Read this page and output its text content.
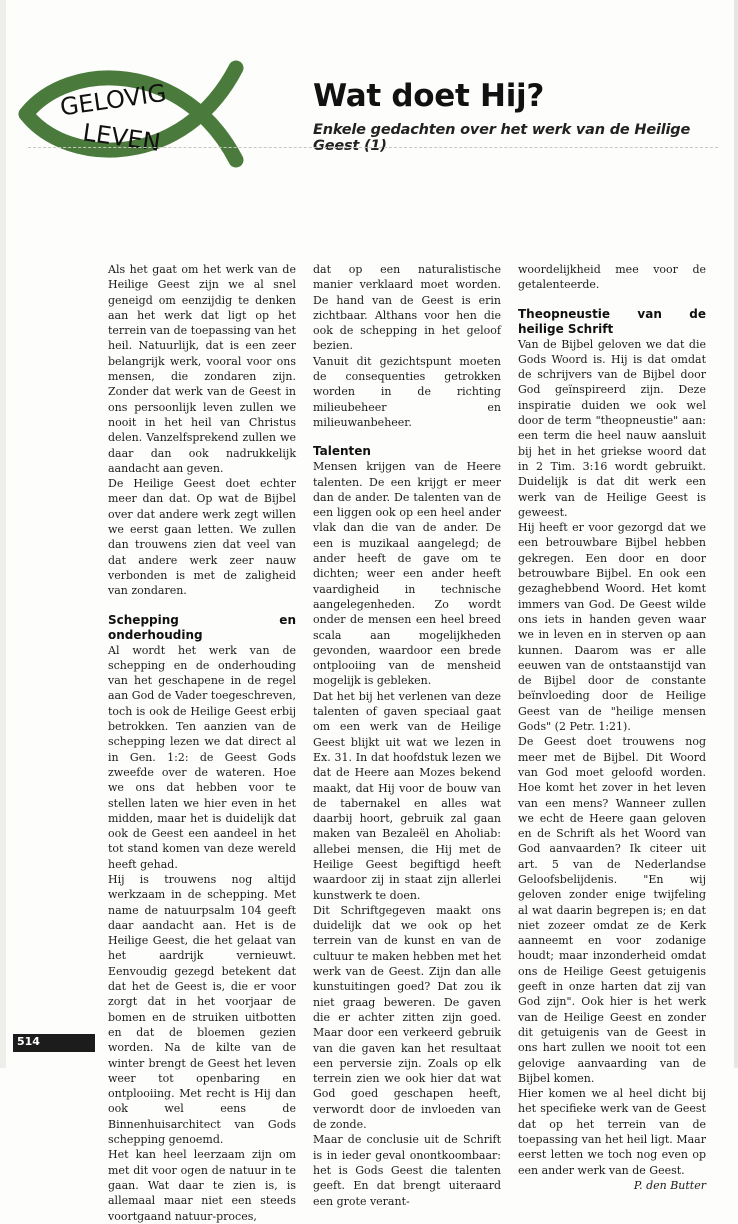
GELOVIG
LEVEN
Wat doet Hij?

Enkele gedachten over het werk van de Heilige Geest (1)

Als het gaat om het werk van de Heilige Geest zijn we al snel geneigd om eenzijdig te denken aan het werk dat ligt op het terrein van de toepassing van het heil. Natuurlijk, dat is een zeer belangrijk werk, vooral voor ons mensen, die zondaren zijn. Zonder dat werk van de Geest in ons persoonlijk leven zullen we nooit in het heil van Christus delen. Vanzelfsprekend zullen we daar dan ook nadrukkelijk aandacht aan geven.

De Heilige Geest doet echter meer dan dat. Op wat de Bijbel over dat andere werk zegt willen we eerst gaan letten. We zullen dan trouwens zien dat veel van dat andere werk zeer nauw verbonden is met de zaligheid van zondaren.

Schepping en onderhouding

Al wordt het werk van de schepping en de onderhouding van het geschapene in de regel aan God de Vader toegeschreven, toch is ook de Heilige Geest erbij betrokken. Ten aanzien van de schepping lezen we dat direct al in Gen. 1:2: de Geest Gods zweefde over de wateren. Hoe we ons dat hebben voor te stellen laten we hier even in het midden, maar het is duidelijk dat ook de Geest een aandeel in het tot stand komen van deze wereld heeft gehad.

Hij is trouwens nog altijd werkzaam in de schepping. Met name de natuurpsalm 104 geeft daar aandacht aan. Het is de Heilige Geest, die het gelaat van het aardrijk vernieuwt. Eenvoudig gezegd betekent dat dat het de Geest is, die er voor zorgt dat in het voorjaar de bomen en de struiken uitbotten en dat de bloemen gezien worden. Na de kilte van de winter brengt de Geest het leven weer tot openbaring en ontplooiing. Met recht is Hij dan ook wel eens de Binnenhuisarchitect van Gods schepping genoemd.

Het kan heel leerzaam zijn om met dit voor ogen de natuur in te gaan. Wat daar te zien is, is allemaal maar niet een steeds voortgaand natuur-proces,

dat op een naturalistische manier verklaard moet worden. De hand van de Geest is erin zichtbaar. Althans voor hen die ook de schepping in het geloof bezien.

Vanuit dit gezichtspunt moeten de consequenties getrokken worden in de richting milieubeheer en milieuwanbeheer.

Talenten

Mensen krijgen van de Heere talenten. De een krijgt er meer dan de ander. De talenten van de een liggen ook op een heel ander vlak dan die van de ander. De een is muzikaal aangelegd; de ander heeft de gave om te dichten; weer een ander heeft vaardigheid in technische aangelegenheden. Zo wordt onder de mensen een heel breed scala aan mogelijkheden gevonden, waardoor een brede ontplooiing van de mensheid mogelijk is gebleken.

Dat het bij het verlenen van deze talenten of gaven speciaal gaat om een werk van de Heilige Geest blijkt uit wat we lezen in Ex. 31. In dat hoofdstuk lezen we dat de Heere aan Mozes bekend maakt, dat Hij voor de bouw van de tabernakel en alles wat daarbij hoort, gebruik zal gaan maken van Bezaleël en Aholiab: allebei mensen, die Hij met de Heilige Geest begiftigd heeft waardoor zij in staat zijn allerlei kunstwerk te doen.

Dit Schriftgegeven maakt ons duidelijk dat we ook op het terrein van de kunst en van de cultuur te maken hebben met het werk van de Geest. Zijn dan alle kunstuitingen goed? Dat zou ik niet graag beweren. De gaven die er achter zitten zijn goed. Maar door een verkeerd gebruik van die gaven kan het resultaat een perversie zijn. Zoals op elk terrein zien we ook hier dat wat God goed geschapen heeft, verwordt door de invloeden van de zonde.

Maar de conclusie uit de Schrift is in ieder geval onontkoombaar: het is Gods Geest die talenten geeft. En dat brengt uiteraard een grote verant-

woordelijkheid mee voor de getalenteerde.

Theopneustie van de heilige Schrift

Van de Bijbel geloven we dat die Gods Woord is. Hij is dat omdat de schrijvers van de Bijbel door God geïnspireerd zijn. Deze inspiratie duiden we ook wel door de term "theopneustie" aan: een term die heel nauw aansluit bij het in het griekse woord dat in 2 Tim. 3:16 wordt gebruikt. Duidelijk is dat dit werk een werk van de Heilige Geest is geweest.

Hij heeft er voor gezorgd dat we een betrouwbare Bijbel hebben gekregen. Een door en door betrouwbare Bijbel. En ook een gezaghebbend Woord. Het komt immers van God. De Geest wilde ons iets in handen geven waar we in leven en in sterven op aan kunnen. Daarom was er alle eeuwen van de ontstaanstijd van de Bijbel door de constante beïnvloeding door de Heilige Geest van de "heilige mensen Gods" (2 Petr. 1:21).

De Geest doet trouwens nog meer met de Bijbel. Dit Woord van God moet geloofd worden. Hoe komt het zover in het leven van een mens? Wanneer zullen we echt de Heere gaan geloven en de Schrift als het Woord van God aanvaarden? Ik citeer uit art. 5 van de Nederlandse Geloofsbelijdenis. "En wij geloven zonder enige twijfeling al wat daarin begrepen is; en dat niet zozeer omdat ze de Kerk aanneemt en voor zodanige houdt; maar inzonderheid omdat ons de Heilige Geest getuigenis geeft in onze harten dat zij van God zijn". Ook hier is het werk van de Heilige Geest en zonder dit getuigenis van de Geest in ons hart zullen we nooit tot een gelovige aanvaarding van de Bijbel komen.

Hier komen we al heel dicht bij het specifieke werk van de Geest dat op het terrein van de toepassing van het heil ligt. Maar eerst letten we toch nog even op een ander werk van de Geest.

P. den Butter

514
